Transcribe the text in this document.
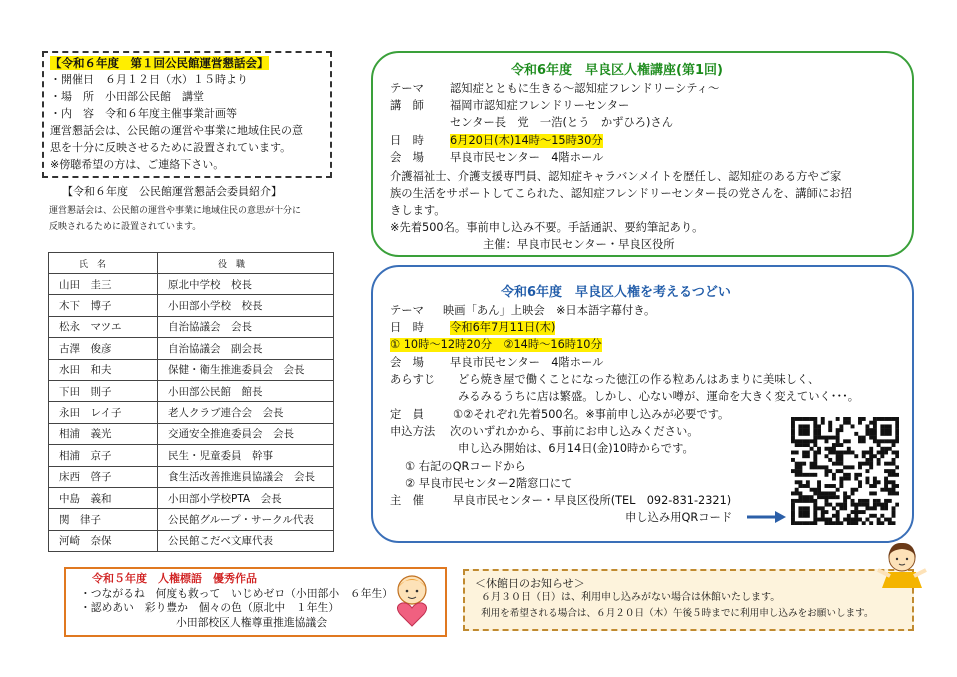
【令和６年度　第１回公民館運営懇話会】
・開催日　６月１２日（水）１５時より
・場　所　小田部公民館　講堂
・内　容　令和６年度主催事業計画等
運営懇話会は、公民館の運営や事業に地域住民の意
思を十分に反映させるために設置されています。
※傍聴希望の方は、ご連絡下さい。
【令和６年度　公民館運営懇話会委員紹介】
運営懇話会は、公民館の運営や事業に地域住民の意思が十分に
反映されるために設置されています。
氏　名	役　職
山田　圭三	原北中学校　校長
木下　博子	小田部小学校　校長
松永　マツエ	自治協議会　会長
古澤　俊彦	自治協議会　副会長
水田　和夫	保健・衛生推進委員会　会長
下田　則子	小田部公民館　館長
永田　レイ子	老人クラブ連合会　会長
相浦　義光	交通安全推進委員会　会長
相浦　京子	民生・児童委員　幹事
床西　啓子	食生活改善推進員協議会　会長
中島　義和	小田部小学校PTA　会長
関　律子	公民館グループ・サークル代表
河崎　奈保	公民館こだべ文庫代表
令和6年度　早良区人権講座(第1回)
テーマ 認知症とともに生きる～認知症フレンドリーシティ～
講　師 福岡市認知症フレンドリーセンター
センター長　党　一浩(とう　かずひろ)さん
日　時 6月20日(木)14時～15時30分
会　場 早良市民センター　4階ホール
介護福祉士、介護支援専門員、認知症キャラバンメイトを歴任し、認知症のある方やご家
族の生活をサポートしてこられた、認知症フレンドリーセンター長の党さんを、講師にお招
きします。
※先着500名。事前申し込み不要。手話通訳、要約筆記あり。
主催：早良市民センター・早良区役所
令和6年度　早良区人権を考えるつどい
テーマ 映画「あん」上映会　※日本語字幕付き。
日　時 令和6年7月11日(木)
① 10時～12時20分　②14時～16時10分
会　場 早良市民センター　4階ホール
あらすじ どら焼き屋で働くことになった徳江の作る粒あんはあまりに美味しく、
みるみるうちに店は繁盛。しかし、心ない噂が、運命を大きく変えていく･･･。
定　員	①②それぞれ先着500名。※事前申し込みが必要です。
申込方法 次のいずれかから、事前にお申し込みください。
申し込み開始は、6月14日(金)10時からです。
① 右記のQRコードから
② 早良市民センター2階窓口にて
主　催	早良市民センター・早良区役所(TEL　092-831-2321)
申し込み用QRコード
令和５年度　人権標語　優秀作品
・つながるね　何度も救って　いじめゼロ（小田部小　６年生）
・認めあい　彩り豊か　個々の色（原北中　１年生）
小田部校区人権尊重推進協議会
＜休館日のお知らせ＞
６月３０日（日）は、利用申し込みがない場合は休館いたします。
利用を希望される場合は、６月２０日（木）午後５時までに利用申し込みをお願いします。
